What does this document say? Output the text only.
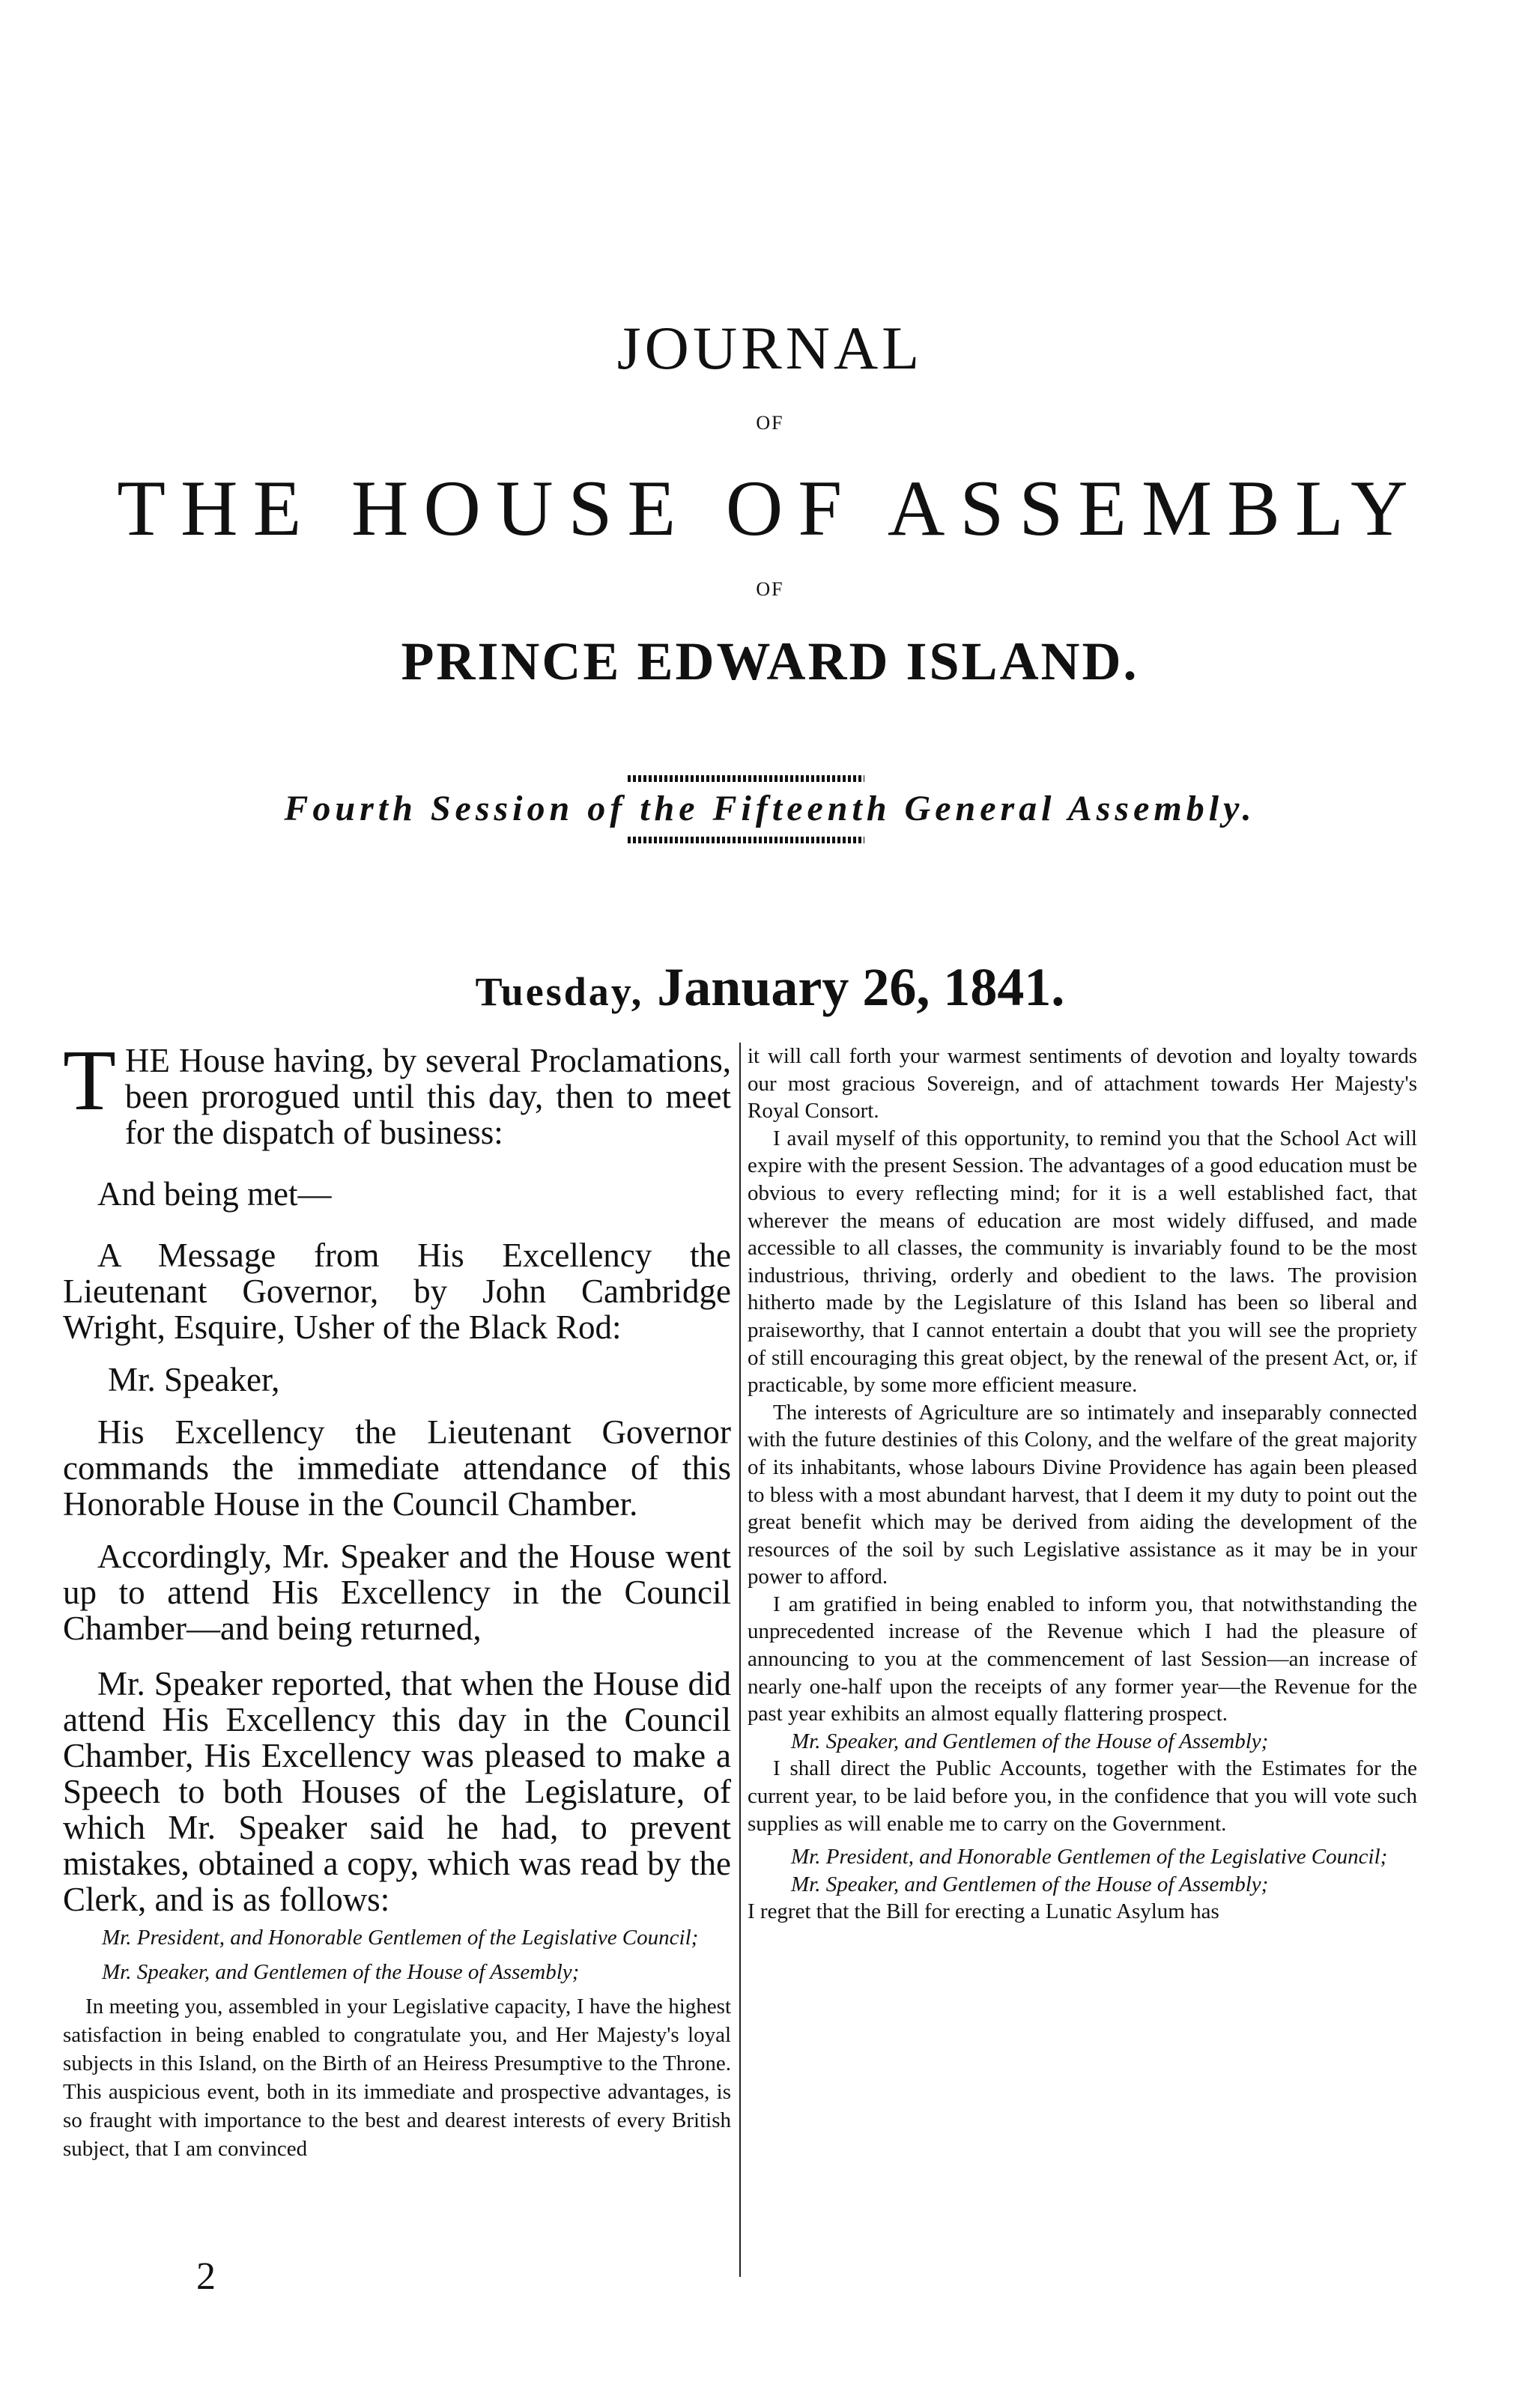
JOURNAL
OF
THE HOUSE OF ASSEMBLY
OF
PRINCE EDWARD ISLAND.
Fourth Session of the Fifteenth General Assembly.
Tuesday, January 26, 1841.

THE House having, by several Proclamations, been prorogued until this day, then to meet for the dispatch of business:

And being met—

A Message from His Excellency the Lieutenant Governor, by John Cambridge Wright, Esquire, Usher of the Black Rod:

Mr. Speaker,

His Excellency the Lieutenant Governor commands the immediate attendance of this Honorable House in the Council Chamber.

Accordingly, Mr. Speaker and the House went up to attend His Excellency in the Council Chamber—and being returned,

Mr. Speaker reported, that when the House did attend His Excellency this day in the Council Chamber, His Excellency was pleased to make a Speech to both Houses of the Legislature, of which Mr. Speaker said he had, to prevent mistakes, obtained a copy, which was read by the Clerk, and is as follows:

Mr. President, and Honorable Gentlemen of the Legislative Council;

Mr. Speaker, and Gentlemen of the House of Assembly;

In meeting you, assembled in your Legislative capacity, I have the highest satisfaction in being enabled to congratulate you, and Her Majesty's loyal subjects in this Island, on the Birth of an Heiress Presumptive to the Throne. This auspicious event, both in its immediate and prospective advantages, is so fraught with importance to the best and dearest interests of every British subject, that I am convinced

it will call forth your warmest sentiments of devotion and loyalty towards our most gracious Sovereign, and of attachment towards Her Majesty's Royal Consort.

I avail myself of this opportunity, to remind you that the School Act will expire with the present Session. The advantages of a good education must be obvious to every reflecting mind; for it is a well established fact, that wherever the means of education are most widely diffused, and made accessible to all classes, the community is invariably found to be the most industrious, thriving, orderly and obedient to the laws. The provision hitherto made by the Legislature of this Island has been so liberal and praiseworthy, that I cannot entertain a doubt that you will see the propriety of still encouraging this great object, by the renewal of the present Act, or, if practicable, by some more efficient measure.

The interests of Agriculture are so intimately and inseparably connected with the future destinies of this Colony, and the welfare of the great majority of its inhabitants, whose labours Divine Providence has again been pleased to bless with a most abundant harvest, that I deem it my duty to point out the great benefit which may be derived from aiding the development of the resources of the soil by such Legislative assistance as it may be in your power to afford.

I am gratified in being enabled to inform you, that notwithstanding the unprecedented increase of the Revenue which I had the pleasure of announcing to you at the commencement of last Session—an increase of nearly one-half upon the receipts of any former year—the Revenue for the past year exhibits an almost equally flattering prospect.

Mr. Speaker, and Gentlemen of the House of Assembly;

I shall direct the Public Accounts, together with the Estimates for the current year, to be laid before you, in the confidence that you will vote such supplies as will enable me to carry on the Government.

Mr. President, and Honorable Gentlemen of the Legislative Council;

Mr. Speaker, and Gentlemen of the House of Assembly;

I regret that the Bill for erecting a Lunatic Asylum has

2
